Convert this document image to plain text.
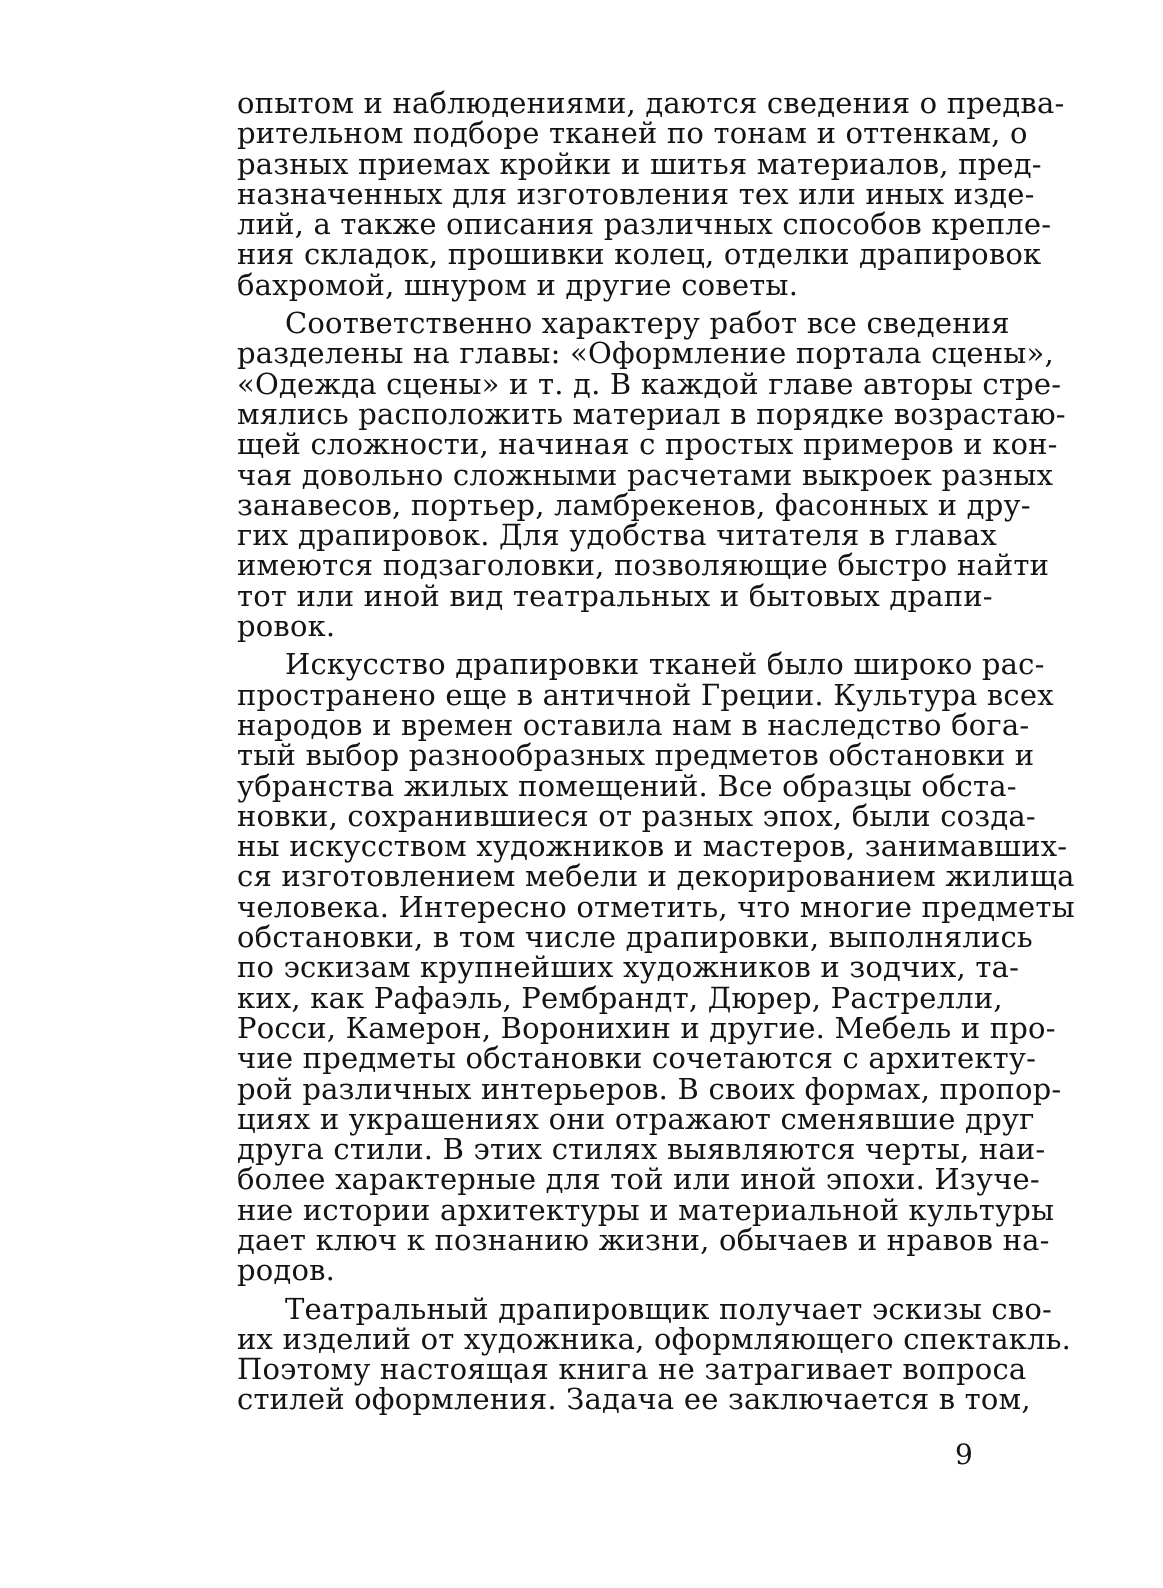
опытом и наблюдениями, даются сведения о предва-
рительном подборе тканей по тонам и оттенкам, о
разных приемах кройки и шитья материалов, пред-
назначенных для изготовления тех или иных изде-
лий, а также описания различных способов крепле-
ния складок, прошивки колец, отделки драпировок
бахромой, шнуром и другие советы.
Соответственно характеру работ все сведения
разделены на главы: «Оформление портала сцены»,
«Одежда сцены» и т. д. В каждой главе авторы стре-
мялись расположить материал в порядке возрастаю-
щей сложности, начиная с простых примеров и кон-
чая довольно сложными расчетами выкроек разных
занавесов, портьер, ламбрекенов, фасонных и дру-
гих драпировок. Для удобства читателя в главах
имеются подзаголовки, позволяющие быстро найти
тот или иной вид театральных и бытовых драпи-
ровок.
Искусство драпировки тканей было широко рас-
пространено еще в античной Греции. Культура всех
народов и времен оставила нам в наследство бога-
тый выбор разнообразных предметов обстановки и
убранства жилых помещений. Все образцы обста-
новки, сохранившиеся от разных эпох, были созда-
ны искусством художников и мастеров, занимавших-
ся изготовлением мебели и декорированием жилища
человека. Интересно отметить, что многие предметы
обстановки, в том числе драпировки, выполнялись
по эскизам крупнейших художников и зодчих, та-
ких, как Рафаэль, Рембрандт, Дюрер, Растрелли,
Росси, Камерон, Воронихин и другие. Мебель и про-
чие предметы обстановки сочетаются с архитекту-
рой различных интерьеров. В своих формах, пропор-
циях и украшениях они отражают сменявшие друг
друга стили. В этих стилях выявляются черты, наи-
более характерные для той или иной эпохи. Изуче-
ние истории архитектуры и материальной культуры
дает ключ к познанию жизни, обычаев и нравов на-
родов.
Театральный драпировщик получает эскизы сво-
их изделий от художника, оформляющего спектакль.
Поэтому настоящая книга не затрагивает вопроса
стилей оформления. Задача ее заключается в том,
9
